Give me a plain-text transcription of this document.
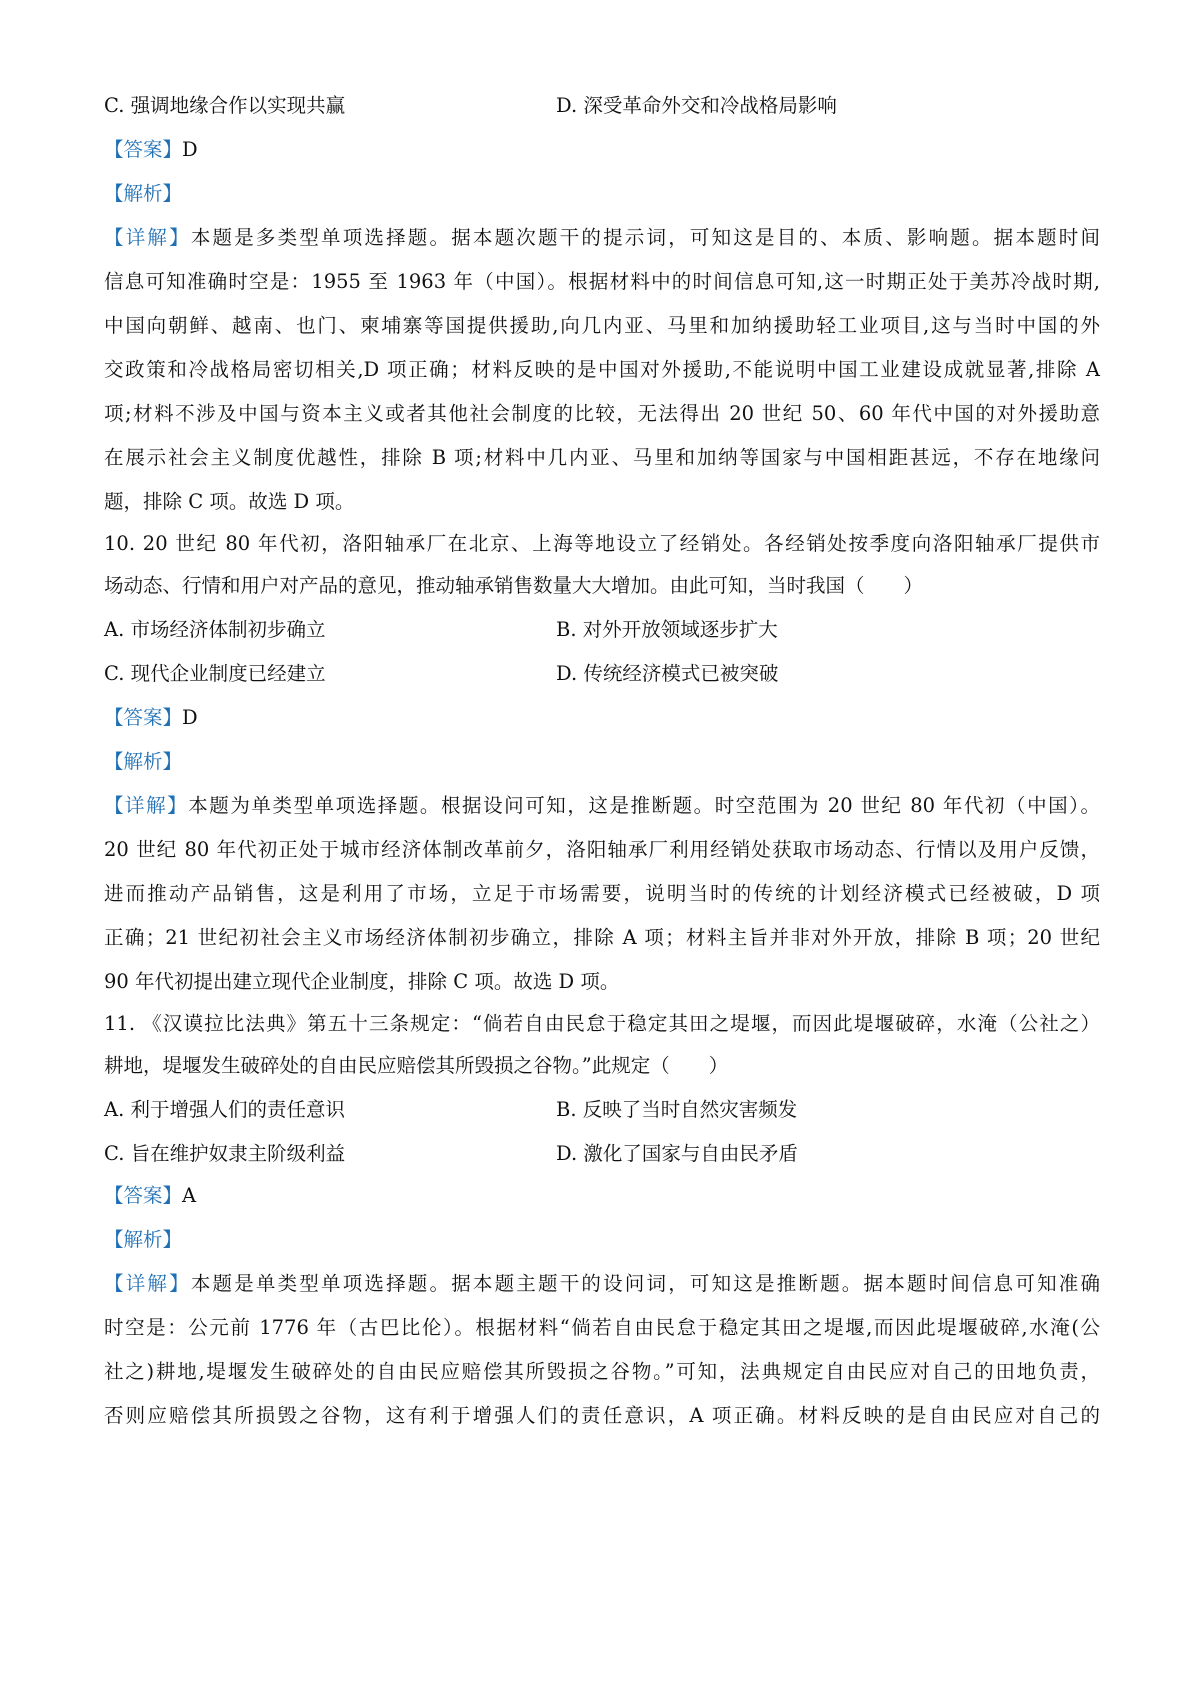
C. 强调地缘合作以实现共赢	D. 深受革命外交和冷战格局影响
【答案】D
【解析】
【详解】本题是多类型单项选择题。据本题次题干的提示词，可知这是目的、本质、影响题。据本题时间
信息可知准确时空是：1955 至 1963 年（中国）。根据材料中的时间信息可知,这一时期正处于美苏冷战时期,
中国向朝鲜、越南、也门、柬埔寨等国提供援助,向几内亚、马里和加纳援助轻工业项目,这与当时中国的外
交政策和冷战格局密切相关,D 项正确；材料反映的是中国对外援助,不能说明中国工业建设成就显著,排除 A
项;材料不涉及中国与资本主义或者其他社会制度的比较，无法得出 20 世纪 50、60 年代中国的对外援助意
在展示社会主义制度优越性，排除 B 项;材料中几内亚、马里和加纳等国家与中国相距甚远，不存在地缘问
题，排除 C 项。故选 D 项。
10. 20 世纪 80 年代初，洛阳轴承厂在北京、上海等地设立了经销处。各经销处按季度向洛阳轴承厂提供市
场动态、行情和用户对产品的意见，推动轴承销售数量大大增加。由此可知，当时我国（　　）
A. 市场经济体制初步确立	B. 对外开放领域逐步扩大
C. 现代企业制度已经建立	D. 传统经济模式已被突破
【答案】D
【解析】
【详解】本题为单类型单项选择题。根据设问可知，这是推断题。时空范围为 20 世纪 80 年代初（中国）。
20 世纪 80 年代初正处于城市经济体制改革前夕，洛阳轴承厂利用经销处获取市场动态、行情以及用户反馈，
进而推动产品销售，这是利用了市场，立足于市场需要，说明当时的传统的计划经济模式已经被破，D 项
正确；21 世纪初社会主义市场经济体制初步确立，排除 A 项；材料主旨并非对外开放，排除 B 项；20 世纪
90 年代初提出建立现代企业制度，排除 C 项。故选 D 项。
11. 《汉谟拉比法典》第五十三条规定：“倘若自由民怠于稳定其田之堤堰，而因此堤堰破碎，水淹（公社之）
耕地，堤堰发生破碎处的自由民应赔偿其所毁损之谷物。”此规定（　　）
A. 利于增强人们的责任意识	B. 反映了当时自然灾害频发
C. 旨在维护奴隶主阶级利益	D. 激化了国家与自由民矛盾
【答案】A
【解析】
【详解】本题是单类型单项选择题。据本题主题干的设问词，可知这是推断题。据本题时间信息可知准确
时空是：公元前 1776 年（古巴比伦）。根据材料“倘若自由民怠于稳定其田之堤堰,而因此堤堰破碎,水淹(公
社之)耕地,堤堰发生破碎处的自由民应赔偿其所毁损之谷物。”可知，法典规定自由民应对自己的田地负责，
否则应赔偿其所损毁之谷物，这有利于增强人们的责任意识，A 项正确。材料反映的是自由民应对自己的
